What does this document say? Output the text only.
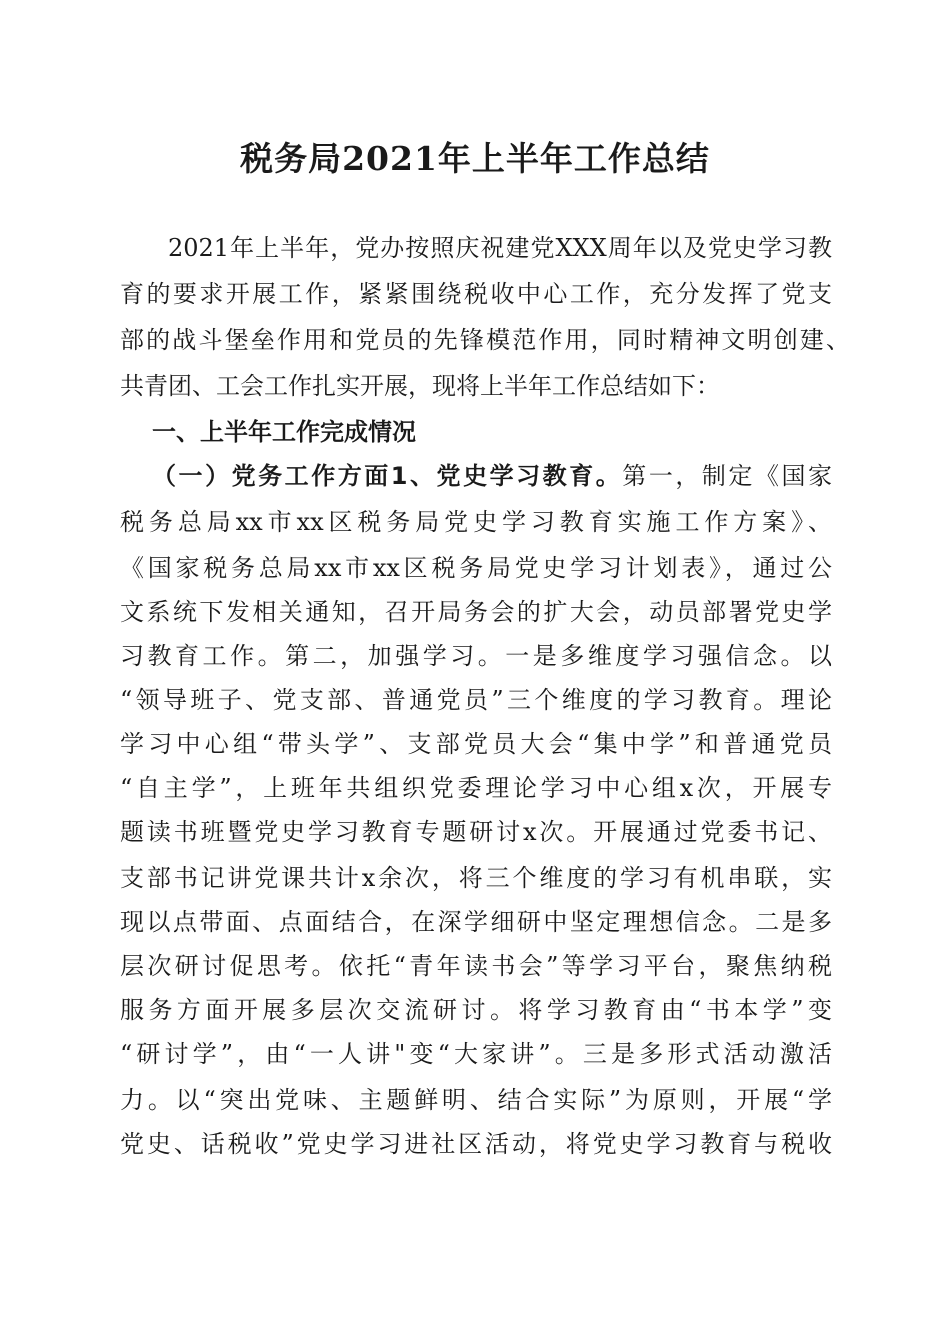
税务局2021年上半年工作总结
2021年上半年，党办按照庆祝建党XXX周年以及党史学习教
育的要求开展工作，紧紧围绕税收中心工作，充分发挥了党支
部的战斗堡垒作用和党员的先锋模范作用，同时精神文明创建、
共青团、工会工作扎实开展，现将上半年工作总结如下：
一、上半年工作完成情况
（一）党务工作方面1、党史学习教育。第一，制定《国家
税务总局xx市xx区税务局党史学习教育实施工作方案》、
《国家税务总局xx市xx区税务局党史学习计划表》，通过公
文系统下发相关通知，召开局务会的扩大会，动员部署党史学
习教育工作。第二，加强学习。一是多维度学习强信念。以
“领导班子、党支部、普通党员”三个维度的学习教育。理论
学习中心组“带头学”、支部党员大会“集中学”和普通党员
“自主学”，上班年共组织党委理论学习中心组x次，开展专
题读书班暨党史学习教育专题研讨x次。开展通过党委书记、
支部书记讲党课共计x余次，将三个维度的学习有机串联，实
现以点带面、点面结合，在深学细研中坚定理想信念。二是多
层次研讨促思考。依托“青年读书会”等学习平台，聚焦纳税
服务方面开展多层次交流研讨。将学习教育由“书本学”变
“研讨学”，由“一人讲"变“大家讲”。三是多形式活动激活
力。以“突出党味、主题鲜明、结合实际”为原则，开展“学
党史、话税收”党史学习进社区活动，将党史学习教育与税收
